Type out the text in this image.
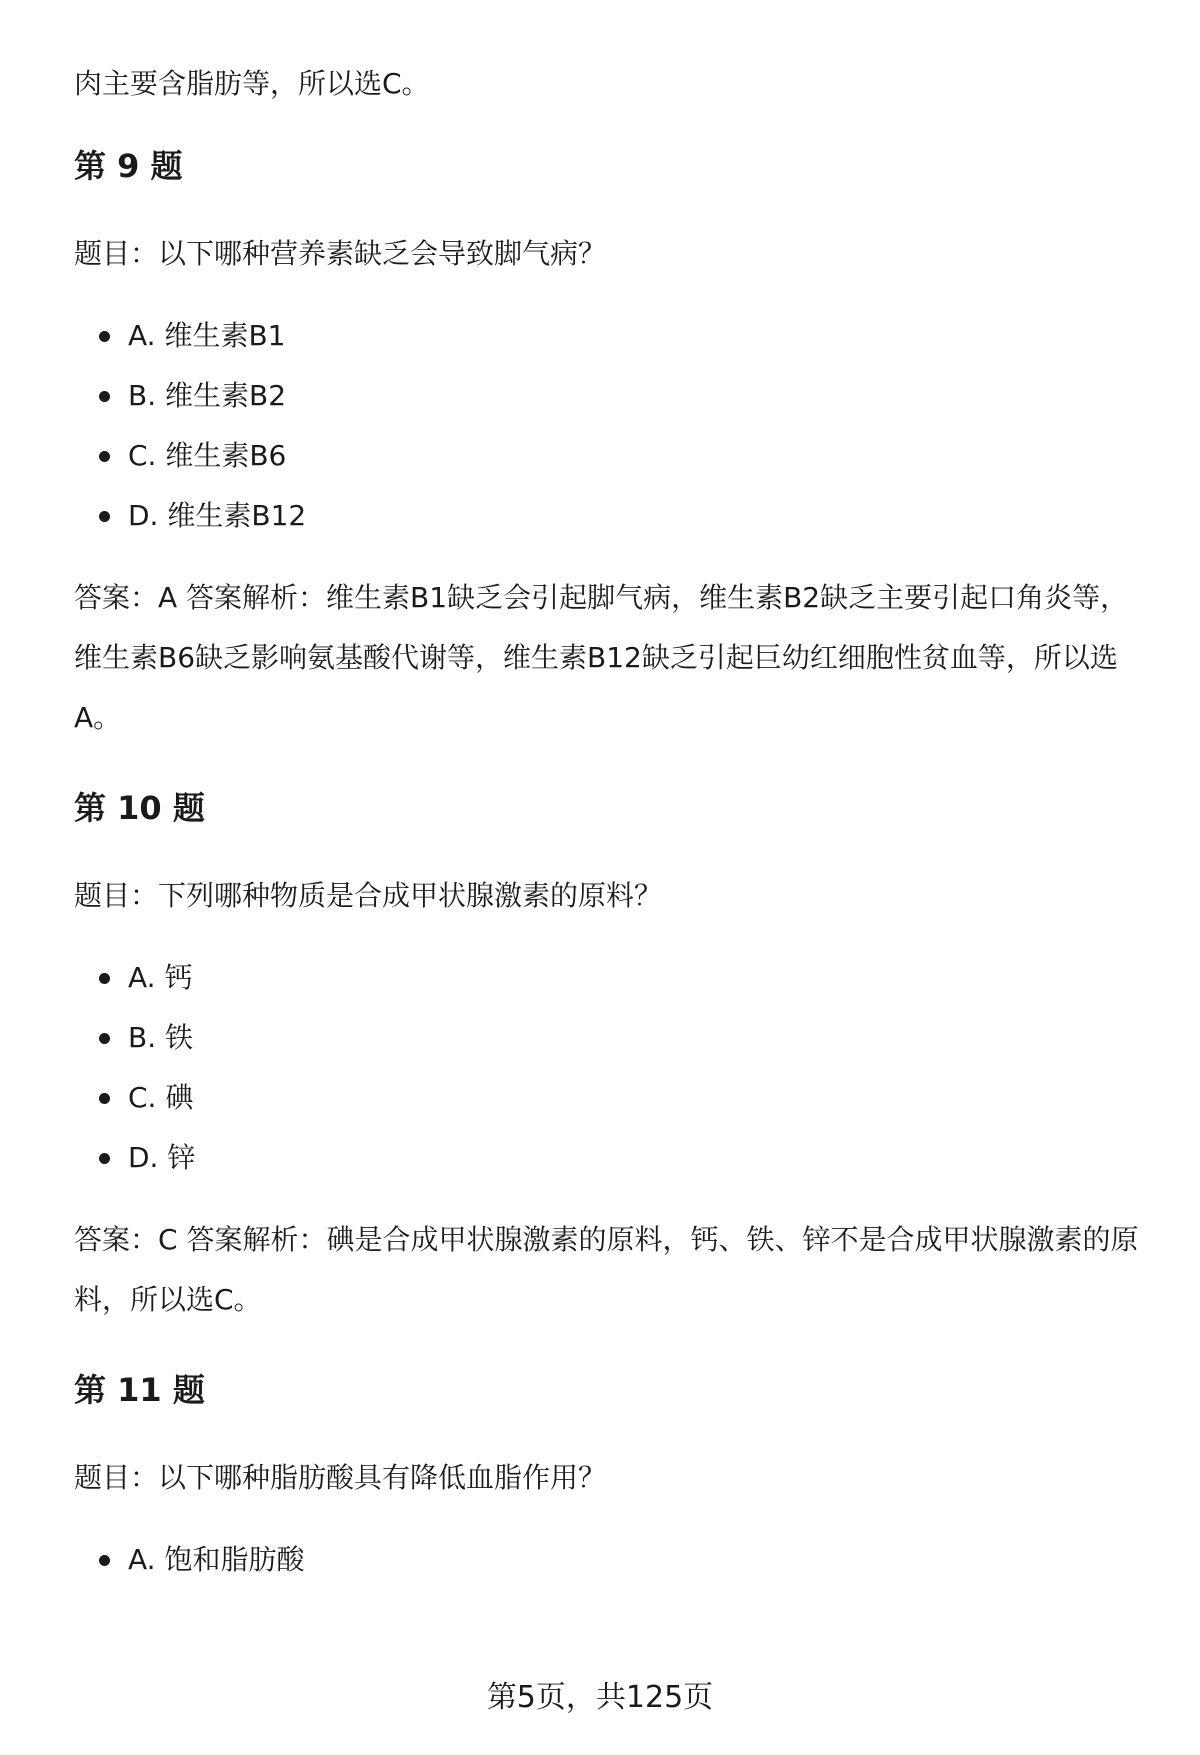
肉主要含脂肪等，所以选C。

第 9 题

题目：以下哪种营养素缺乏会导致脚气病？

A. 维生素B1
B. 维生素B2
C. 维生素B6
D. 维生素B12

答案：A 答案解析：维生素B1缺乏会引起脚气病，维生素B2缺乏主要引起口角炎等，维生素B6缺乏影响氨基酸代谢等，维生素B12缺乏引起巨幼红细胞性贫血等，所以选A。

第 10 题

题目：下列哪种物质是合成甲状腺激素的原料？

A. 钙
B. 铁
C. 碘
D. 锌

答案：C 答案解析：碘是合成甲状腺激素的原料，钙、铁、锌不是合成甲状腺激素的原料，所以选C。

第 11 题

题目：以下哪种脂肪酸具有降低血脂作用？

A. 饱和脂肪酸
第5页，共125页
